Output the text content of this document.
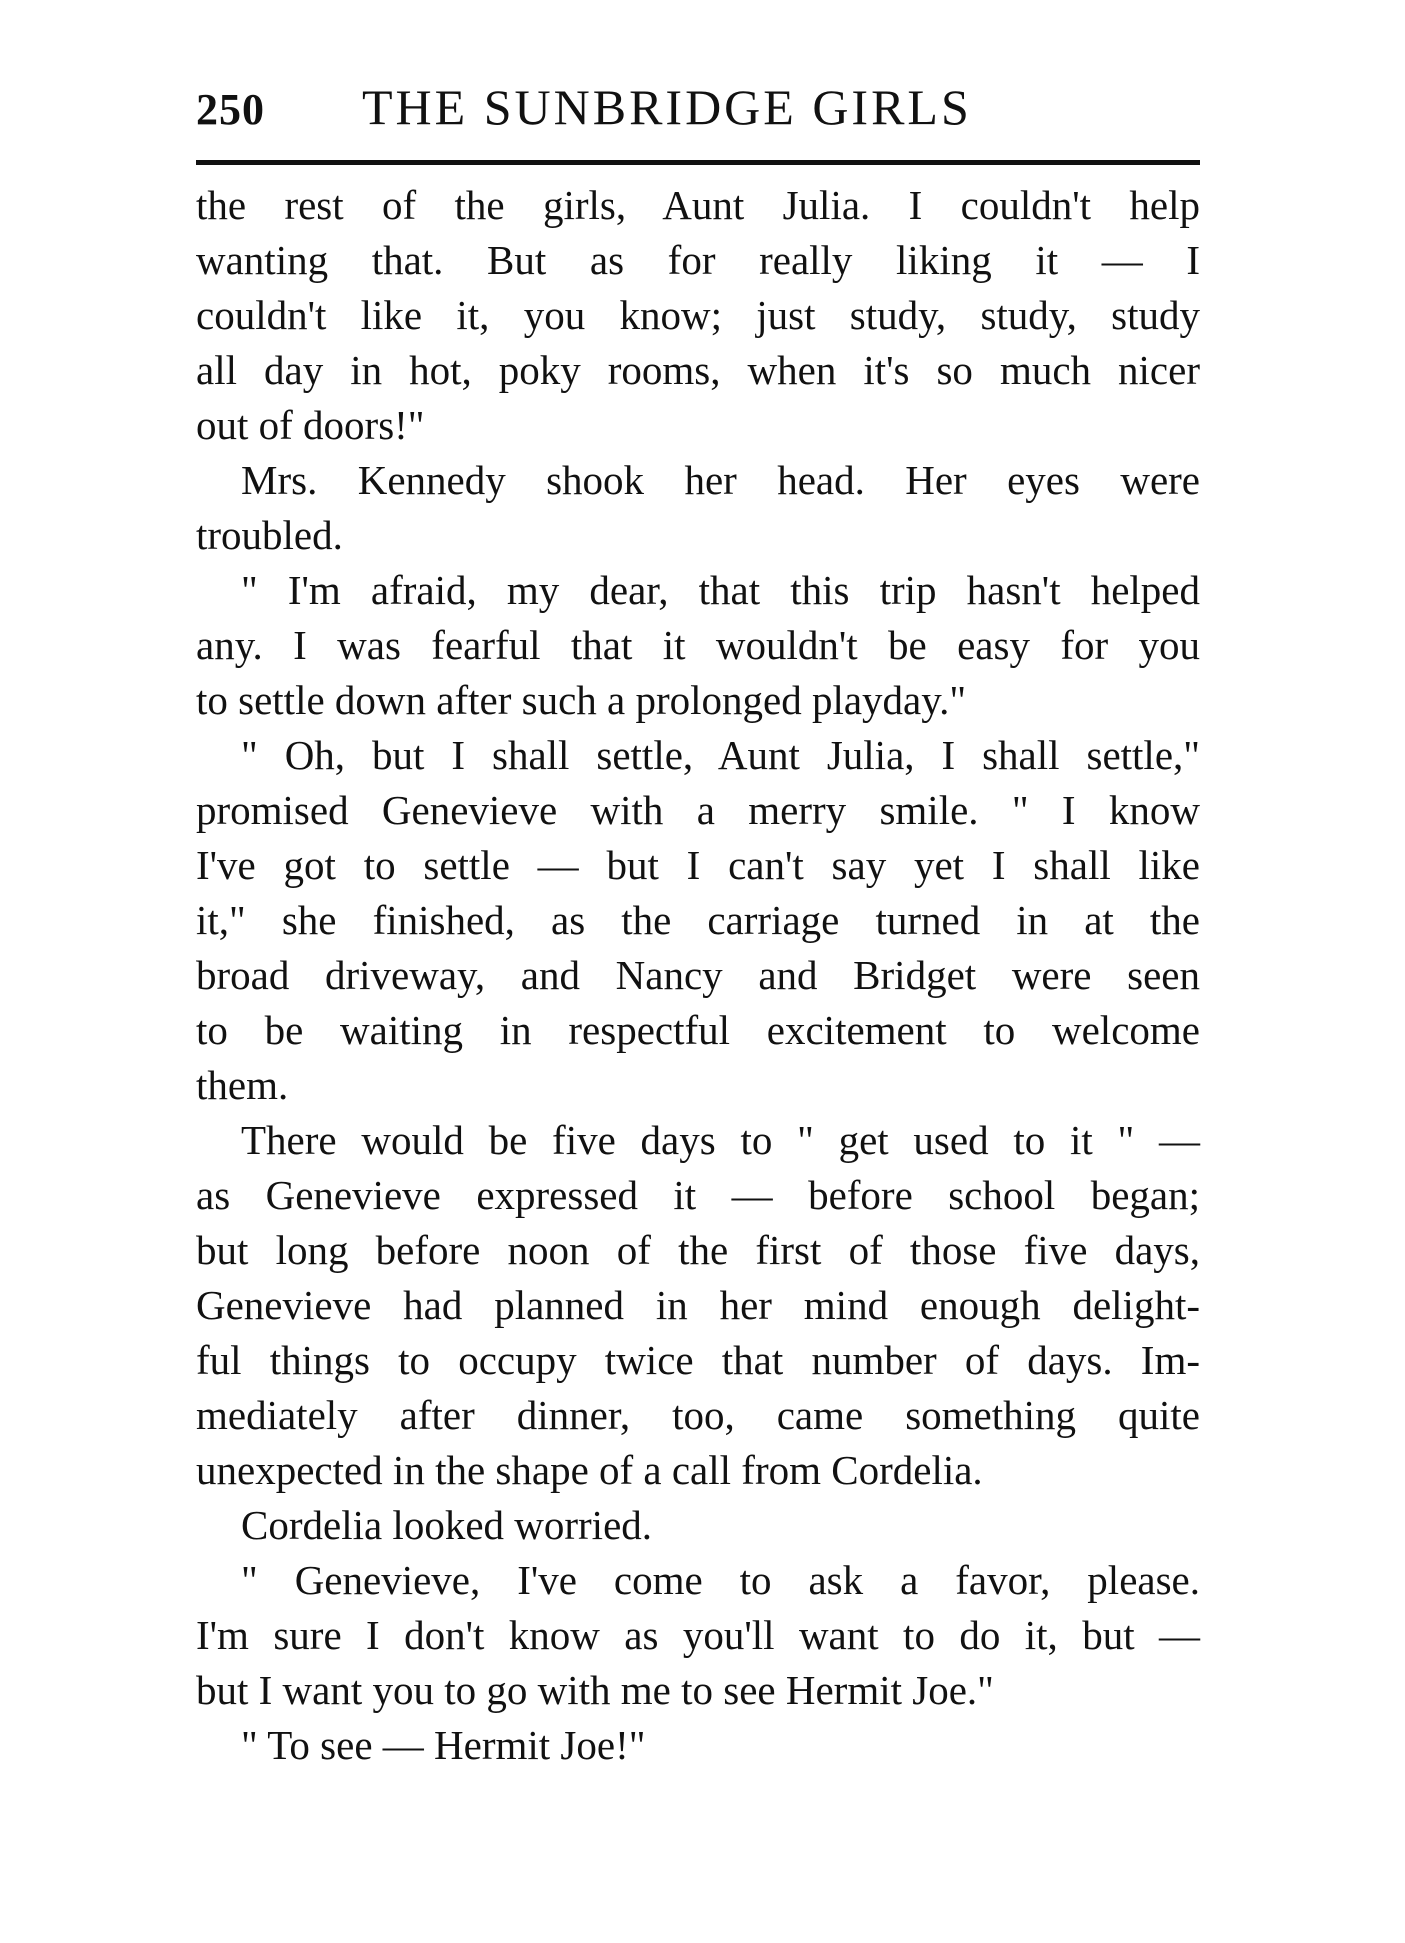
250 THE SUNBRIDGE GIRLS
the rest of the girls, Aunt Julia. I couldn't help
wanting that. But as for really liking it — I
couldn't like it, you know; just study, study, study
all day in hot, poky rooms, when it's so much nicer
out of doors!"
Mrs. Kennedy shook her head. Her eyes were
troubled.
" I'm afraid, my dear, that this trip hasn't helped
any. I was fearful that it wouldn't be easy for you
to settle down after such a prolonged playday."
" Oh, but I shall settle, Aunt Julia, I shall settle,"
promised Genevieve with a merry smile. " I know
I've got to settle — but I can't say yet I shall like
it," she finished, as the carriage turned in at the
broad driveway, and Nancy and Bridget were seen
to be waiting in respectful excitement to welcome
them.
There would be five days to " get used to it " —
as Genevieve expressed it — before school began;
but long before noon of the first of those five days,
Genevieve had planned in her mind enough delight-
ful things to occupy twice that number of days. Im-
mediately after dinner, too, came something quite
unexpected in the shape of a call from Cordelia.
Cordelia looked worried.
" Genevieve, I've come to ask a favor, please.
I'm sure I don't know as you'll want to do it, but —
but I want you to go with me to see Hermit Joe."
" To see — Hermit Joe!"
